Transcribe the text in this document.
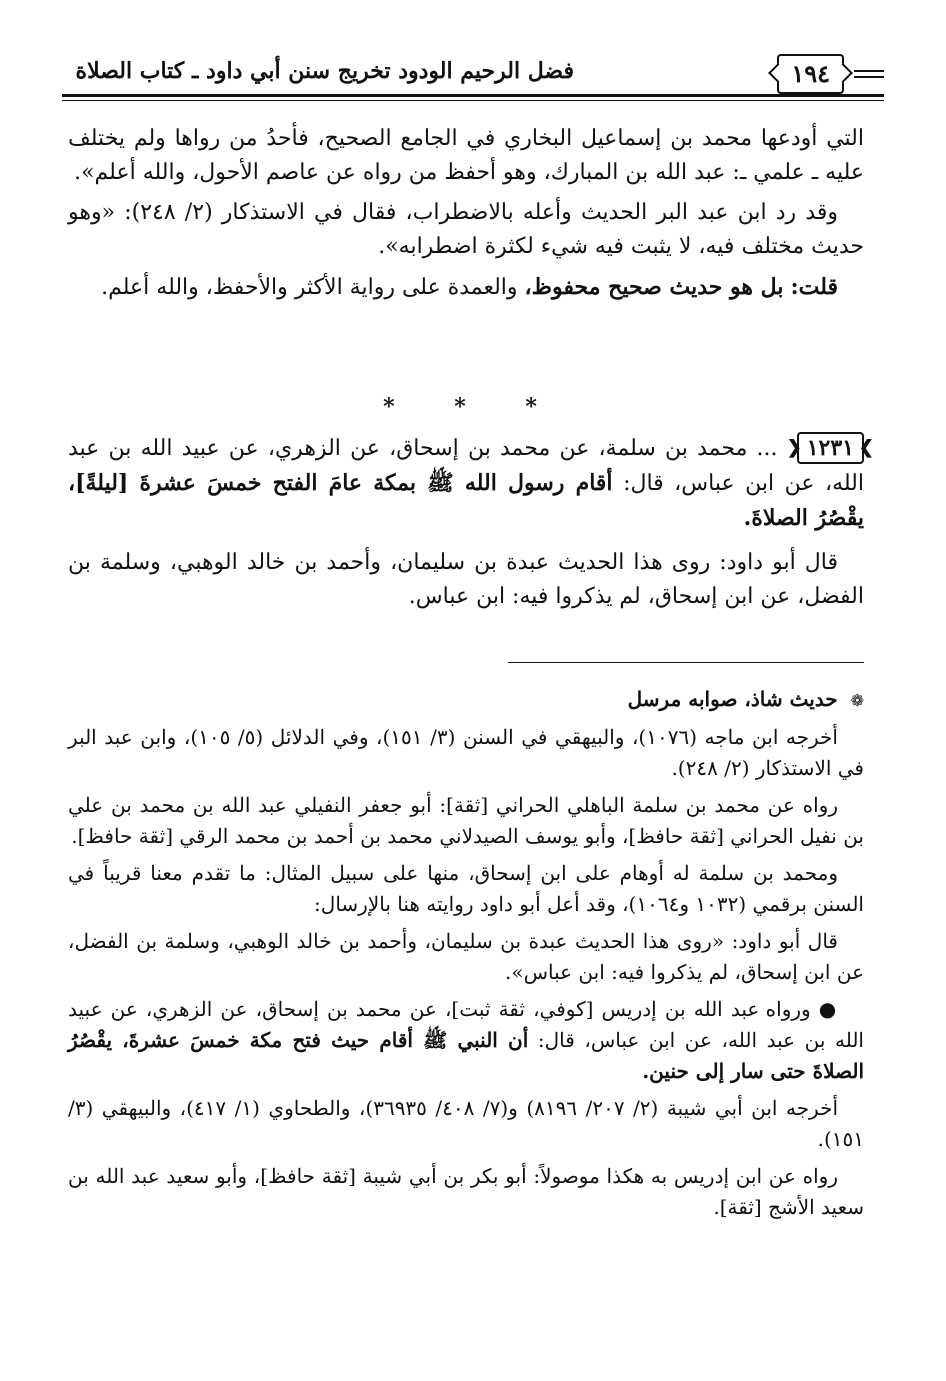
فضل الرحيم الودود تخريج سنن أبي داود ـ كتاب الصلاة	١٩٤

التي أودعها محمد بن إسماعيل البخاري في الجامع الصحيح، فأحدُ من رواها ولم يختلف عليه ـ علمي ـ: عبد الله بن المبارك، وهو أحفظ من رواه عن عاصم الأحول، والله أعلم».

وقد رد ابن عبد البر الحديث وأعله بالاضطراب، فقال في الاستذكار (٢/ ٢٤٨): «وهو حديث مختلف فيه، لا يثبت فيه شيء لكثرة اضطرابه».

قلت: بل هو حديث صحيح محفوظ، والعمدة على رواية الأكثر والأحفظ، والله أعلم.

* * *

❯ ١٢٣١ ❮ ... محمد بن سلمة، عن محمد بن إسحاق، عن الزهري، عن عبيد الله بن عبد الله، عن ابن عباس، قال: أقام رسول الله ﷺ بمكة عامَ الفتح خمسَ عشرةَ [ليلةً]، يقْصُرُ الصلاةَ.

قال أبو داود: روى هذا الحديث عبدة بن سليمان، وأحمد بن خالد الوهبي، وسلمة بن الفضل، عن ابن إسحاق، لم يذكروا فيه: ابن عباس.

❁ حديث شاذ، صوابه مرسل

أخرجه ابن ماجه (١٠٧٦)، والبيهقي في السنن (٣/ ١٥١)، وفي الدلائل (٥/ ١٠٥)، وابن عبد البر في الاستذكار (٢/ ٢٤٨).

رواه عن محمد بن سلمة الباهلي الحراني [ثقة]: أبو جعفر النفيلي عبد الله بن محمد بن علي بن نفيل الحراني [ثقة حافظ]، وأبو يوسف الصيدلاني محمد بن أحمد بن محمد الرقي [ثقة حافظ].

ومحمد بن سلمة له أوهام على ابن إسحاق، منها على سبيل المثال: ما تقدم معنا قريباً في السنن برقمي (١٠٣٢ و١٠٦٤)، وقد أعل أبو داود روايته هنا بالإرسال:

قال أبو داود: «روى هذا الحديث عبدة بن سليمان، وأحمد بن خالد الوهبي، وسلمة بن الفضل، عن ابن إسحاق، لم يذكروا فيه: ابن عباس».

● ورواه عبد الله بن إدريس [كوفي، ثقة ثبت]، عن محمد بن إسحاق، عن الزهري، عن عبيد الله بن عبد الله، عن ابن عباس، قال: أن النبي ﷺ أقام حيث فتح مكة خمسَ عشرةَ، يقْصُرُ الصلاةَ حتى سار إلى حنين.

أخرجه ابن أبي شيبة (٢/ ٢٠٧/ ٨١٩٦) و(٧/ ٤٠٨/ ٣٦٩٣٥)، والطحاوي (١/ ٤١٧)، والبيهقي (٣/ ١٥١).

رواه عن ابن إدريس به هكذا موصولاً: أبو بكر بن أبي شيبة [ثقة حافظ]، وأبو سعيد عبد الله بن سعيد الأشج [ثقة].
